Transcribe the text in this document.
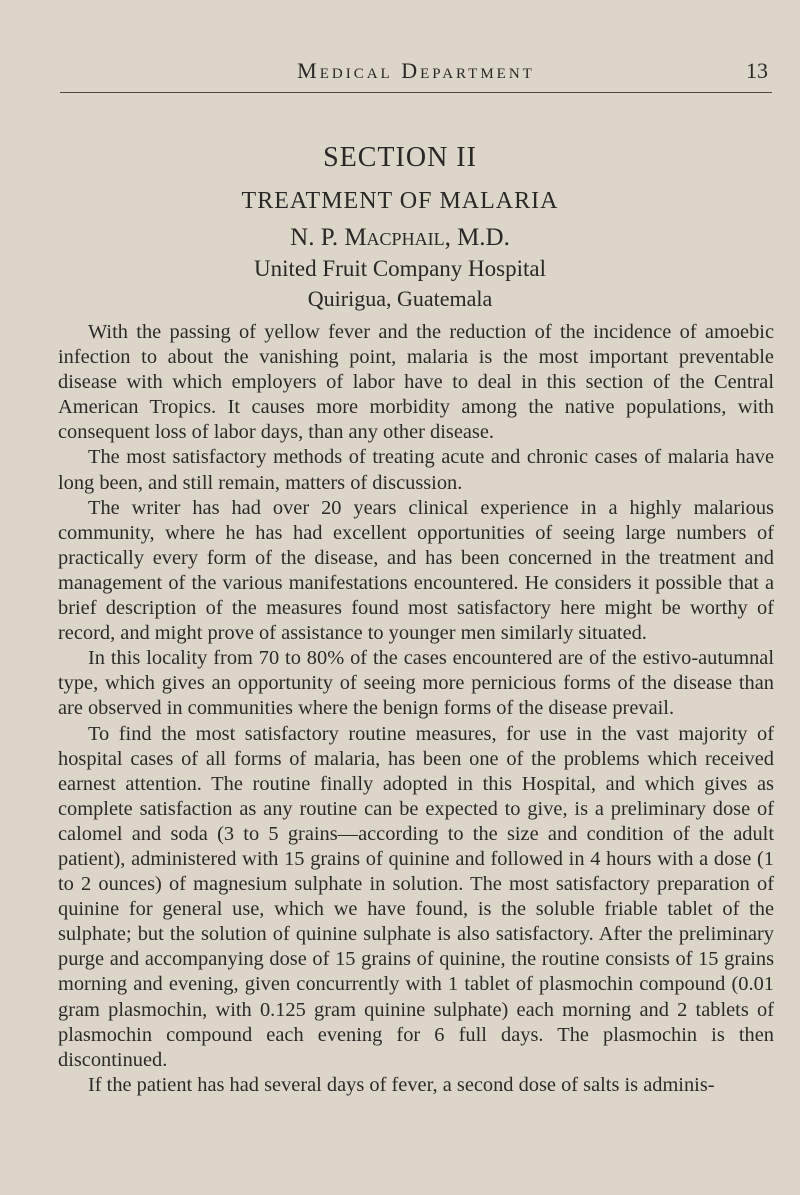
Medical Department	13
SECTION II
TREATMENT OF MALARIA
N. P. Macphail, M.D.
United Fruit Company Hospital
Quirigua, Guatemala

With the passing of yellow fever and the reduction of the incidence of amoebic infection to about the vanishing point, malaria is the most important preventable disease with which employers of labor have to deal in this section of the Central American Tropics. It causes more morbidity among the native populations, with consequent loss of labor days, than any other disease.

The most satisfactory methods of treating acute and chronic cases of malaria have long been, and still remain, matters of discussion.

The writer has had over 20 years clinical experience in a highly malarious community, where he has had excellent opportunities of seeing large numbers of practically every form of the disease, and has been concerned in the treatment and management of the various manifestations encountered. He considers it possible that a brief description of the measures found most satisfactory here might be worthy of record, and might prove of assistance to younger men similarly situated.

In this locality from 70 to 80% of the cases encountered are of the estivo-autumnal type, which gives an opportunity of seeing more pernicious forms of the disease than are observed in communities where the benign forms of the disease prevail.

To find the most satisfactory routine measures, for use in the vast majority of hospital cases of all forms of malaria, has been one of the problems which received earnest attention. The routine finally adopted in this Hospital, and which gives as complete satisfaction as any routine can be expected to give, is a preliminary dose of calomel and soda (3 to 5 grains—according to the size and condition of the adult patient), administered with 15 grains of quinine and followed in 4 hours with a dose (1 to 2 ounces) of magnesium sulphate in solution. The most satisfactory preparation of quinine for general use, which we have found, is the soluble friable tablet of the sulphate; but the solution of quinine sulphate is also satisfactory. After the preliminary purge and accompanying dose of 15 grains of quinine, the routine consists of 15 grains morning and evening, given concurrently with 1 tablet of plasmochin compound (0.01 gram plasmochin, with 0.125 gram quinine sulphate) each morning and 2 tablets of plasmochin compound each evening for 6 full days. The plasmochin is then discontinued.

If the patient has had several days of fever, a second dose of salts is adminis-
